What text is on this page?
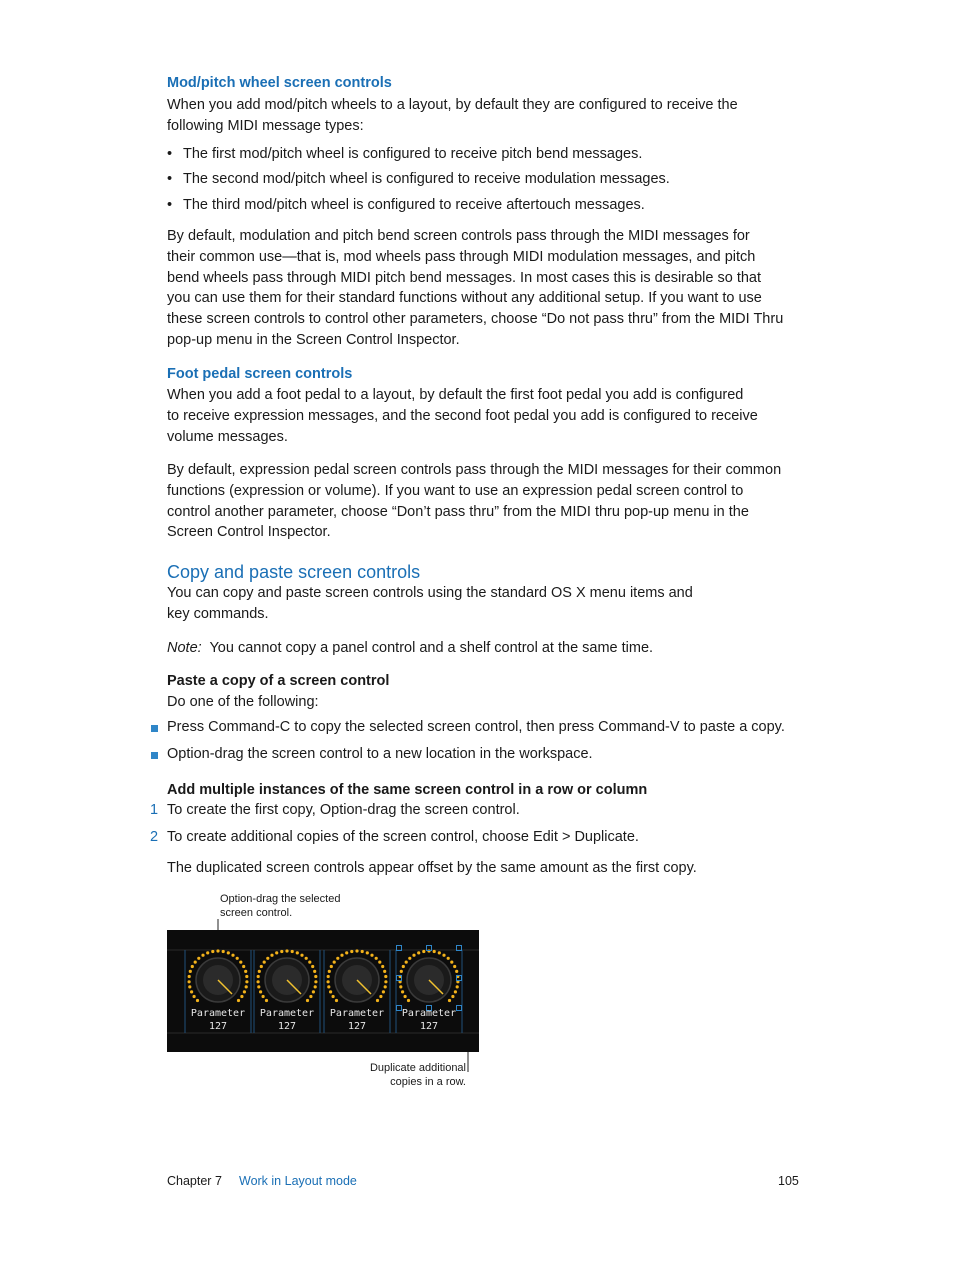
Mod/pitch wheel screen controls
When you add mod/pitch wheels to a layout, by default they are configured to receive the
following MIDI message types:
• The first mod/pitch wheel is configured to receive pitch bend messages.
• The second mod/pitch wheel is configured to receive modulation messages.
• The third mod/pitch wheel is configured to receive aftertouch messages.
By default, modulation and pitch bend screen controls pass through the MIDI messages for
their common use—that is, mod wheels pass through MIDI modulation messages, and pitch
bend wheels pass through MIDI pitch bend messages. In most cases this is desirable so that
you can use them for their standard functions without any additional setup. If you want to use
these screen controls to control other parameters, choose “Do not pass thru” from the MIDI Thru
pop-up menu in the Screen Control Inspector.
Foot pedal screen controls
When you add a foot pedal to a layout, by default the first foot pedal you add is configured
to receive expression messages, and the second foot pedal you add is configured to receive
volume messages.
By default, expression pedal screen controls pass through the MIDI messages for their common
functions (expression or volume). If you want to use an expression pedal screen control to
control another parameter, choose “Don’t pass thru” from the MIDI thru pop-up menu in the
Screen Control Inspector.
Copy and paste screen controls
You can copy and paste screen controls using the standard OS X menu items and
key commands.
Note: You cannot copy a panel control and a shelf control at the same time.
Paste a copy of a screen control
Do one of the following:
Press Command-C to copy the selected screen control, then press Command-V to paste a copy.
Option-drag the screen control to a new location in the workspace.
Add multiple instances of the same screen control in a row or column
1 To create the first copy, Option-drag the screen control.
2 To create additional copies of the screen control, choose Edit > Duplicate.
The duplicated screen controls appear offset by the same amount as the first copy.
Option-drag the selected
screen control.
Duplicate additional
copies in a row.
Parameter
127
Parameter
127
Parameter
127
Parameter
127
Chapter 7 Work in Layout mode	105
